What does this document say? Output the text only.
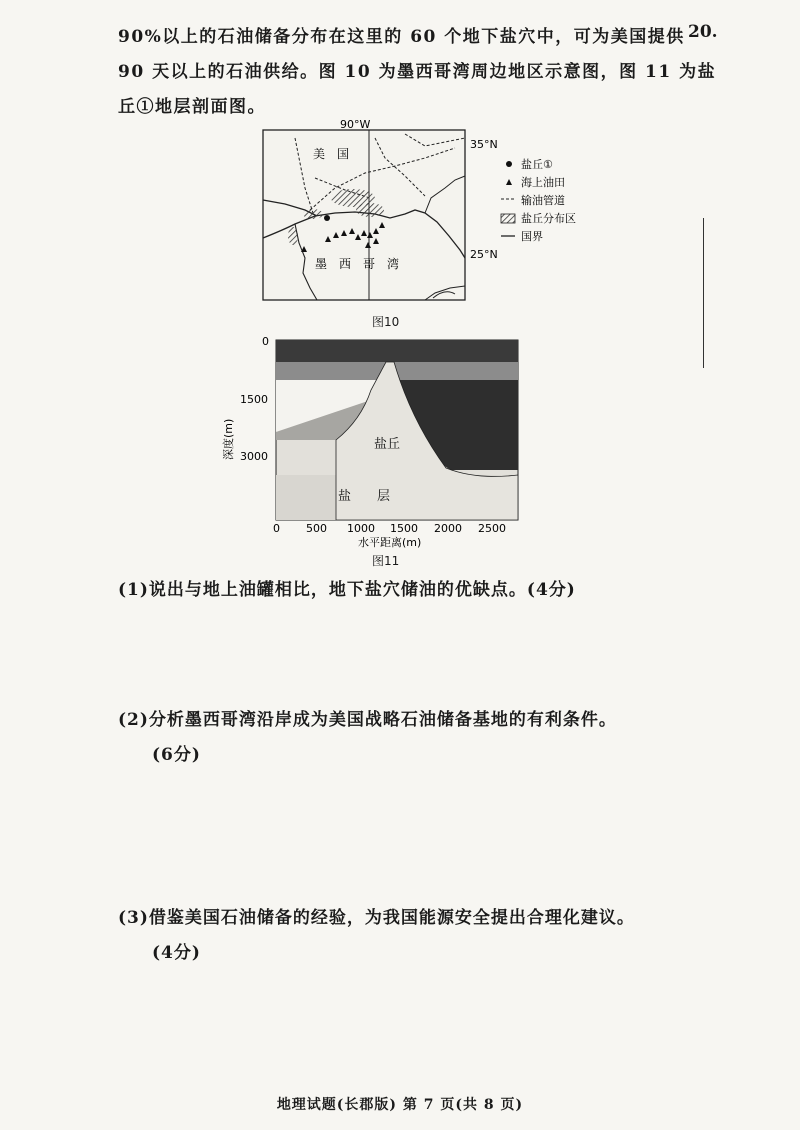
90%以上的石油储备分布在这里的 60 个地下盐穴中，可为美国提供
90 天以上的石油供给。图 10 为墨西哥湾周边地区示意图，图 11 为盐
丘①地层剖面图。
20.
90°W
35°N
25°N
美　国
墨　西　哥　湾
盐丘①
海上油田
输油管道
盐丘分布区
国界
图10
盐丘
盐　　层
0
1500
3000
深度(m)
0 500 1000 1500 2000 2500
水平距离(m)
图11
(1)说出与地上油罐相比，地下盐穴储油的优缺点。(4分)
(2)分析墨西哥湾沿岸成为美国战略石油储备基地的有利条件。
(6分)
(3)借鉴美国石油储备的经验，为我国能源安全提出合理化建议。
(4分)
地理试题(长郡版) 第 7 页(共 8 页)
